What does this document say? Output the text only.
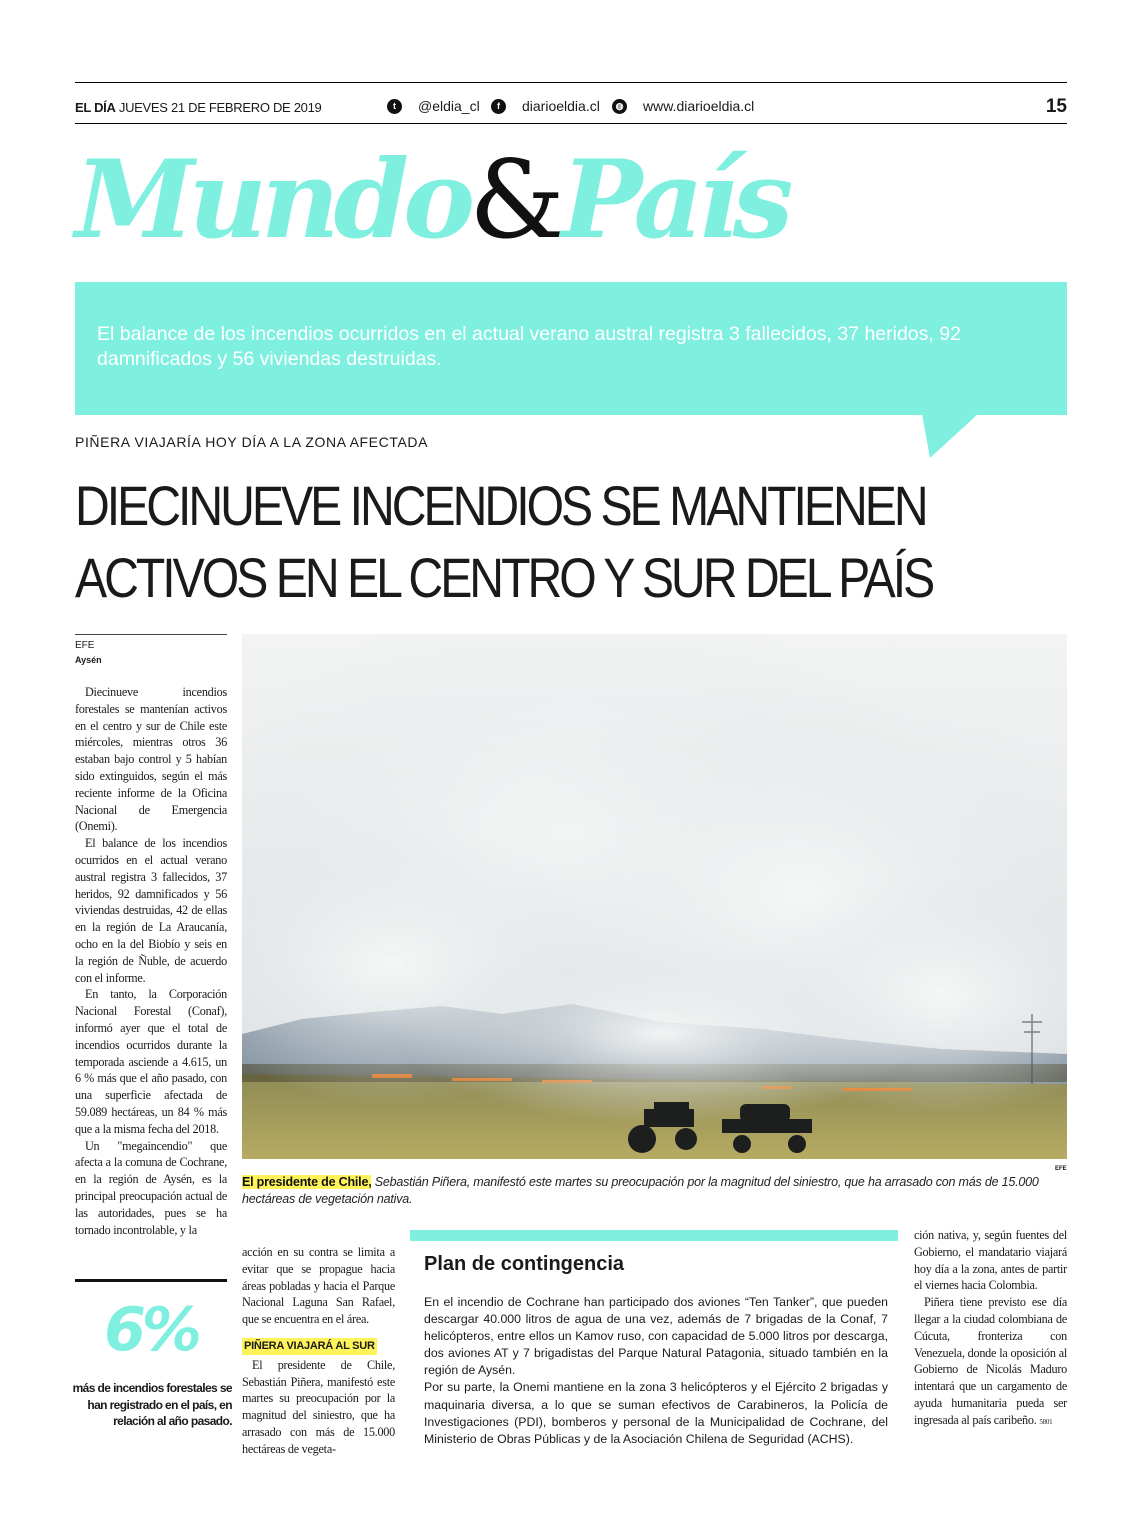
EL DÍA JUEVES 21 DE FEBRERO DE 2019	t	@eldia_cl	f	diarioeldia.cl	◍ www.diarioeldia.cl	15
Mundo&País
El balance de los incendios ocurridos en el actual verano austral registra 3 fallecidos, 37 heridos, 92 damnificados y 56 viviendas destruidas.
PIÑERA VIAJARÍA HOY DÍA A LA ZONA AFECTADA
DIECINUEVE INCENDIOS SE MANTIENEN
ACTIVOS EN EL CENTRO Y SUR DEL PAÍS
EFE
Aysén

Diecinueve incendios forestales se mantenían activos en el centro y sur de Chile este miércoles, mientras otros 36 estaban bajo control y 5 habían sido extinguidos, según el más reciente informe de la Oficina Nacional de Emergencia (Onemi).

El balance de los incendios ocurridos en el actual verano austral registra 3 fallecidos, 37 heridos, 92 damnificados y 56 viviendas destruidas, 42 de ellas en la región de La Araucanía, ocho en la del Biobío y seis en la región de Ñuble, de acuerdo con el informe.

En tanto, la Corporación Nacional Forestal (Conaf), informó ayer que el total de incendios ocurridos durante la temporada asciende a 4.615, un 6 % más que el año pasado, con una superficie afectada de 59.089 hectáreas, un 84 % más que a la misma fecha del 2018.

Un "megaincendio" que afecta a la comuna de Cochrane, en la región de Aysén, es la principal preocupación actual de las autoridades, pues se ha tornado incontrolable, y la

6%
más de incendios forestales se han registrado en el país, en relación al año pasado.
EFE
El presidente de Chile, Sebastián Piñera, manifestó este martes su preocupación por la magnitud del siniestro, que ha arrasado con más de 15.000 hectáreas de vegetación nativa.

acción en su contra se limita a evitar que se propague hacia áreas pobladas y hacia el Parque Nacional Laguna San Rafael, que se encuentra en el área.

PIÑERA VIAJARÁ AL SUR

El presidente de Chile, Sebastián Piñera, manifestó este martes su preocupación por la magnitud del siniestro, que ha arrasado con más de 15.000 hectáreas de vegeta-

Plan de contingencia

En el incendio de Cochrane han participado dos aviones “Ten Tanker”, que pueden descargar 40.000 litros de agua de una vez, además de 7 brigadas de la Conaf, 7 helicópteros, entre ellos un Kamov ruso, con capacidad de 5.000 litros por descarga, dos aviones AT y 7 brigadistas del Parque Natural Patagonia, situado también en la región de Aysén.

Por su parte, la Onemi mantiene en la zona 3 helicópteros y el Ejército 2 brigadas y maquinaria diversa, a lo que se suman efectivos de Carabineros, la Policía de Investigaciones (PDI), bomberos y personal de la Municipalidad de Cochrane, del Ministerio de Obras Públicas y de la Asociación Chilena de Seguridad (ACHS).

ción nativa, y, según fuentes del Gobierno, el mandatario viajará hoy día a la zona, antes de partir el viernes hacia Colombia.

Piñera tiene previsto ese día llegar a la ciudad colombiana de Cúcuta, fronteriza con Venezuela, donde la oposición al Gobierno de Nicolás Maduro intentará que un cargamento de ayuda humanitaria pueda ser ingresada al país caribeño. 5801
